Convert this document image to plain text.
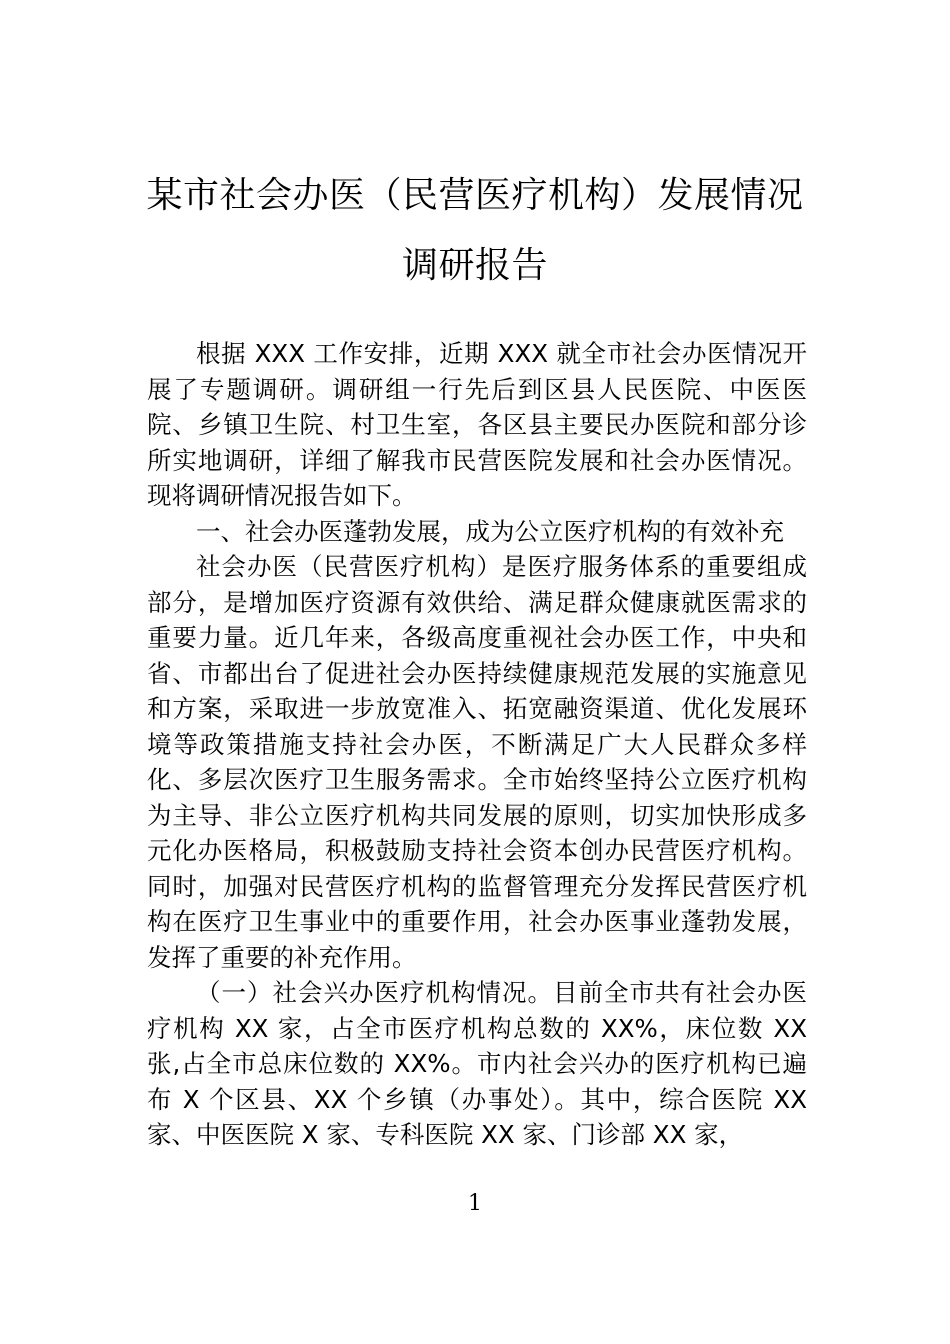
某市社会办医（民营医疗机构）发展情况
调研报告

根据 XXX 工作安排，近期 XXX 就全市社会办医情况开展了专题调研。调研组一行先后到区县人民医院、中医医院、乡镇卫生院、村卫生室，各区县主要民办医院和部分诊所实地调研，详细了解我市民营医院发展和社会办医情况。现将调研情况报告如下。

一、社会办医蓬勃发展，成为公立医疗机构的有效补充

社会办医（民营医疗机构）是医疗服务体系的重要组成部分，是增加医疗资源有效供给、满足群众健康就医需求的重要力量。近几年来，各级高度重视社会办医工作，中央和省、市都出台了促进社会办医持续健康规范发展的实施意见和方案，采取进一步放宽准入、拓宽融资渠道、优化发展环境等政策措施支持社会办医，不断满足广大人民群众多样化、多层次医疗卫生服务需求。全市始终坚持公立医疗机构为主导、非公立医疗机构共同发展的原则，切实加快形成多元化办医格局，积极鼓励支持社会资本创办民营医疗机构。同时，加强对民营医疗机构的监督管理充分发挥民营医疗机构在医疗卫生事业中的重要作用，社会办医事业蓬勃发展，发挥了重要的补充作用。

（一）社会兴办医疗机构情况。目前全市共有社会办医疗机构 XX 家，占全市医疗机构总数的 XX%，床位数 XX 张,占全市总床位数的 XX%。市内社会兴办的医疗机构已遍布 X 个区县、XX 个乡镇（办事处）。其中，综合医院 XX 家、中医医院 X 家、专科医院 XX 家、门诊部 XX 家，

1
